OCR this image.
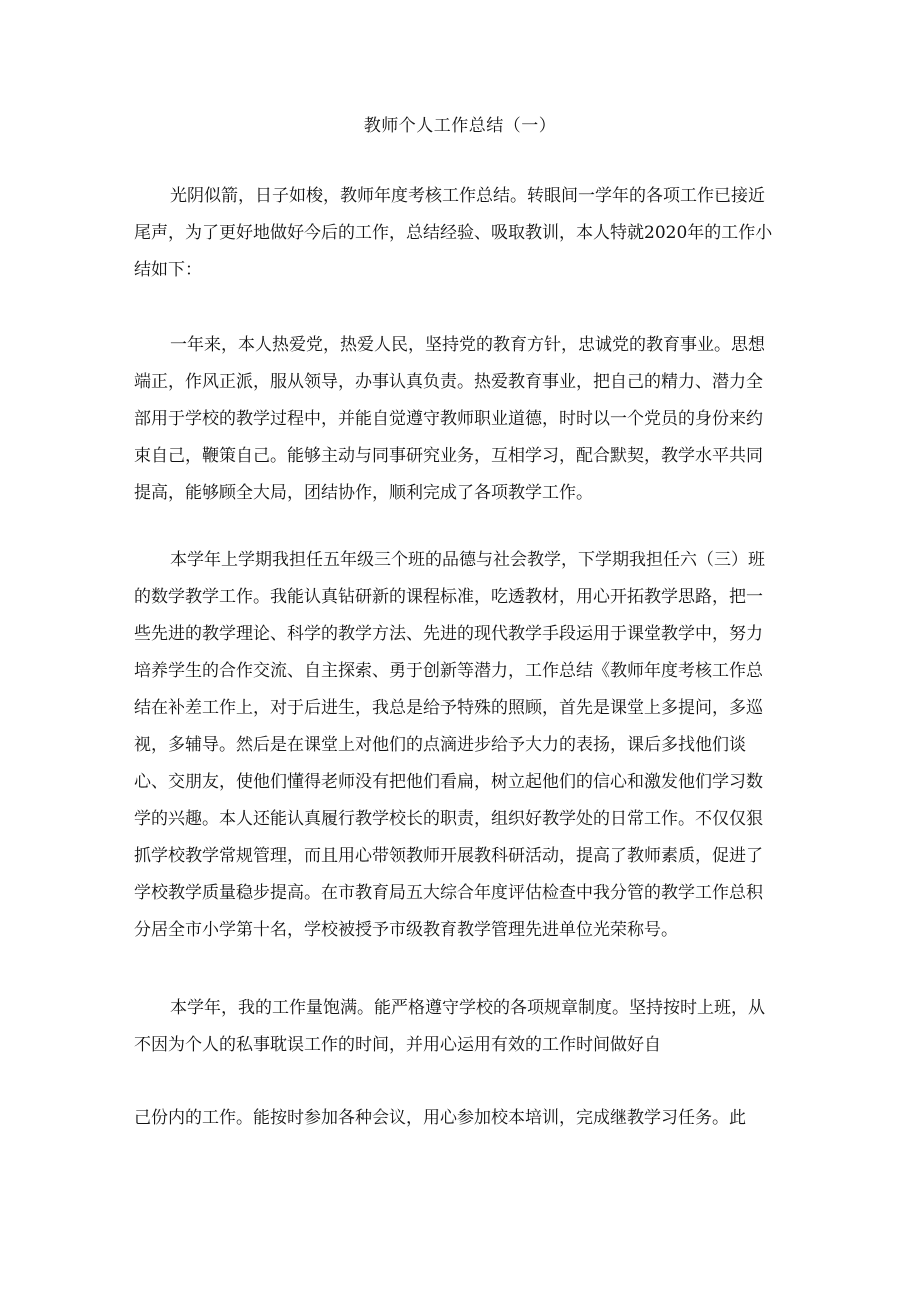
教师个人工作总结（一）
光阴似箭，日子如梭，教师年度考核工作总结。转眼间一学年的各项工作已接近
尾声，为了更好地做好今后的工作，总结经验、吸取教训，本人特就2020年的工作小
结如下：
一年来，本人热爱党，热爱人民，坚持党的教育方针，忠诚党的教育事业。思想
端正，作风正派，服从领导，办事认真负责。热爱教育事业，把自己的精力、潜力全
部用于学校的教学过程中，并能自觉遵守教师职业道德，时时以一个党员的身份来约
束自己，鞭策自己。能够主动与同事研究业务，互相学习，配合默契，教学水平共同
提高，能够顾全大局，团结协作，顺利完成了各项教学工作。
本学年上学期我担任五年级三个班的品德与社会教学，下学期我担任六（三）班
的数学教学工作。我能认真钻研新的课程标准，吃透教材，用心开拓教学思路，把一
些先进的教学理论、科学的教学方法、先进的现代教学手段运用于课堂教学中，努力
培养学生的合作交流、自主探索、勇于创新等潜力，工作总结《教师年度考核工作总
结在补差工作上，对于后进生，我总是给予特殊的照顾，首先是课堂上多提问，多巡
视，多辅导。然后是在课堂上对他们的点滴进步给予大力的表扬，课后多找他们谈
心、交朋友，使他们懂得老师没有把他们看扁，树立起他们的信心和激发他们学习数
学的兴趣。本人还能认真履行教学校长的职责，组织好教学处的日常工作。不仅仅狠
抓学校教学常规管理，而且用心带领教师开展教科研活动，提高了教师素质，促进了
学校教学质量稳步提高。在市教育局五大综合年度评估检查中我分管的教学工作总积
分居全市小学第十名，学校被授予市级教育教学管理先进单位光荣称号。
本学年，我的工作量饱满。能严格遵守学校的各项规章制度。坚持按时上班，从
不因为个人的私事耽误工作的时间，并用心运用有效的工作时间做好自
己份内的工作。能按时参加各种会议，用心参加校本培训，完成继教学习任务。此
